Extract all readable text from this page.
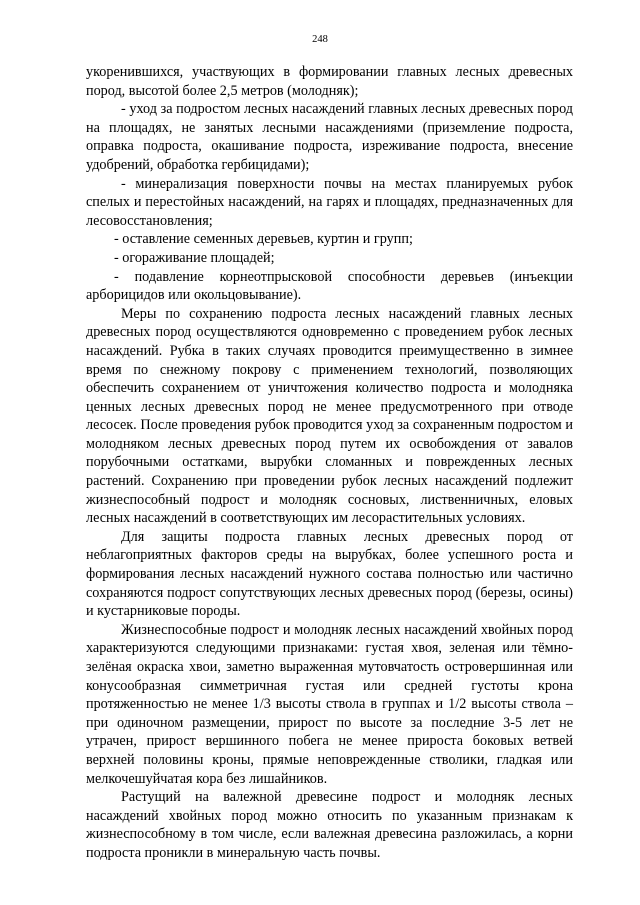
248

укоренившихся, участвующих в формировании главных лесных древесных пород, высотой более 2,5 метров (молодняк);

- уход за подростом лесных насаждений главных лесных древесных пород на площадях, не занятых лесными насаждениями (приземление подроста, оправка подроста, окашивание подроста, изреживание подроста, внесение удобрений, обработка гербицидами);

- минерализация поверхности почвы на местах планируемых рубок спелых и перестойных насаждений, на гарях и площадях, предназначенных для лесовосстановления;

- оставление семенных деревьев, куртин и групп;

- огораживание площадей;

- подавление корнеотпрысковой способности деревьев (инъекции арборицидов или окольцовывание).

Меры по сохранению подроста лесных насаждений главных лесных древесных пород осуществляются одновременно с проведением рубок лесных насаждений. Рубка в таких случаях проводится преимущественно в зимнее время по снежному покрову с применением технологий, позволяющих обеспечить сохранением от уничтожения количество подроста и молодняка ценных лесных древесных пород не менее предусмотренного при отводе лесосек. После проведения рубок проводится уход за сохраненным подростом и молодняком лесных древесных пород путем их освобождения от завалов порубочными остатками, вырубки сломанных и поврежденных лесных растений. Сохранению при проведении рубок лесных насаждений подлежит жизнеспособный подрост и молодняк сосновых, лиственничных, еловых лесных насаждений в соответствующих им лесорастительных условиях.

Для защиты подроста главных лесных древесных пород от неблагоприятных факторов среды на вырубках, более успешного роста и формирования лесных насаждений нужного состава полностью или частично сохраняются подрост сопутствующих лесных древесных пород (березы, осины) и кустарниковые породы.

Жизнеспособные подрост и молодняк лесных насаждений хвойных пород характеризуются следующими признаками: густая хвоя, зеленая или тёмно-зелёная окраска хвои, заметно выраженная мутовчатость островершинная или конусообразная симметричная густая или средней густоты крона протяженностью не менее 1/3 высоты ствола в группах и 1/2 высоты ствола – при одиночном размещении, прирост по высоте за последние 3-5 лет не утрачен, прирост вершинного побега не менее прироста боковых ветвей верхней половины кроны, прямые неповрежденные стволики, гладкая или мелкочешуйчатая кора без лишайников.

Растущий на валежной древесине подрост и молодняк лесных насаждений хвойных пород можно относить по указанным признакам к жизнеспособному в том числе, если валежная древесина разложилась, а корни подроста проникли в минеральную часть почвы.
